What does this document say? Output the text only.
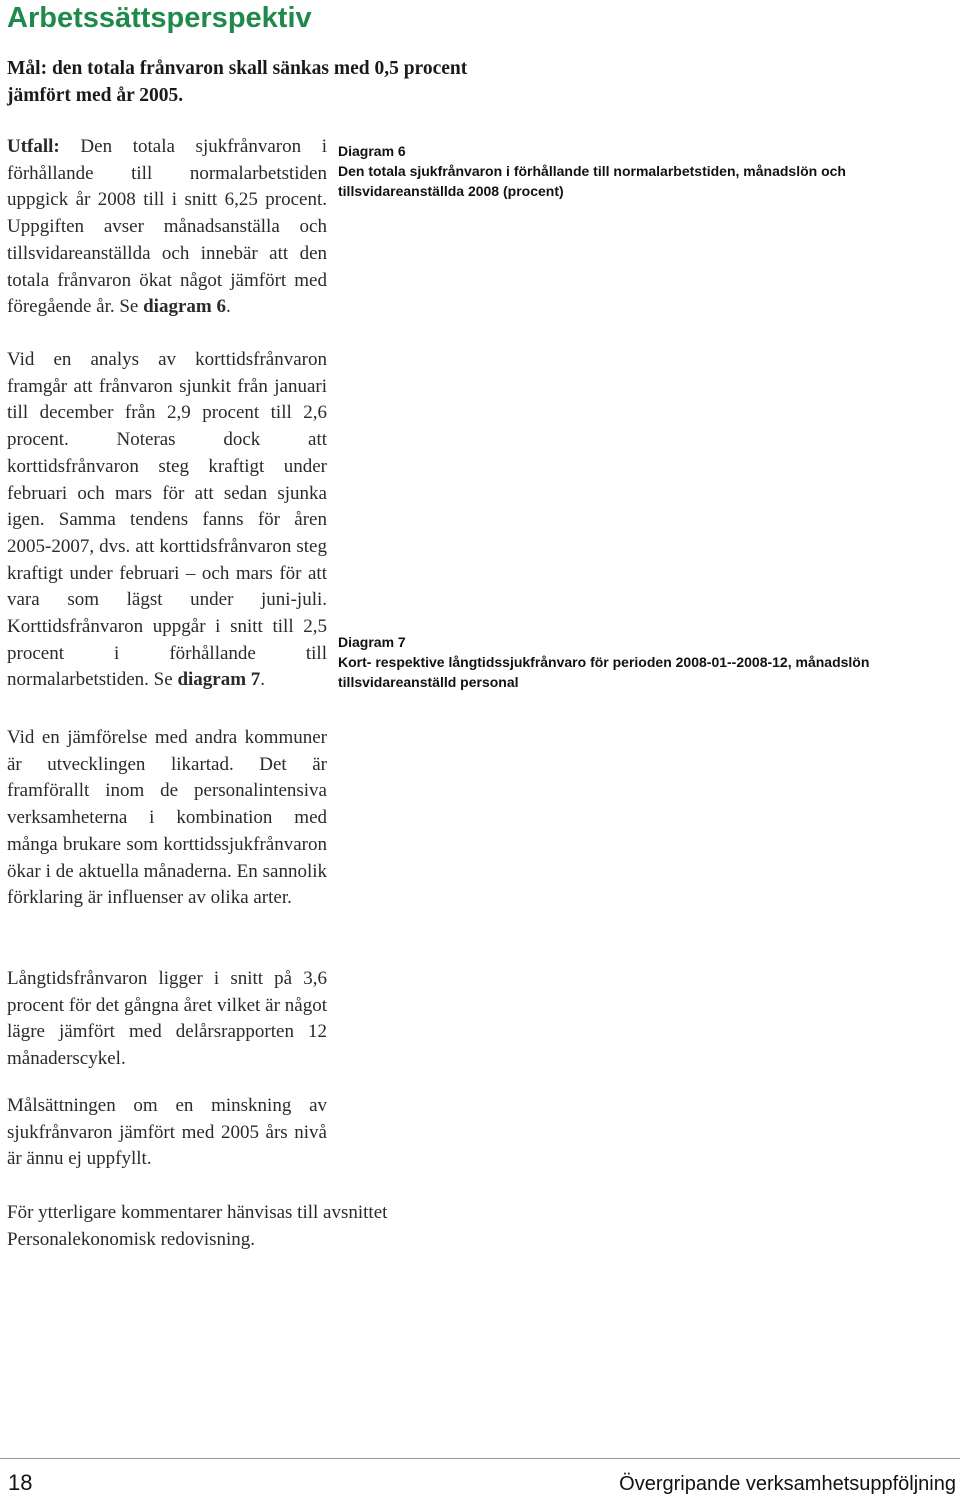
Arbetssättsperspektiv

Mål: den totala frånvaron skall sänkas med 0,5 procent jämfört med år 2005.

Utfall: Den totala sjukfrånvaron i förhållande till normalarbetstiden uppgick år 2008 till i snitt 6,25 procent. Uppgiften avser månadsanställa och tillsvidareanställda och innebär att den totala frånvaron ökat något jämfört med föregående år. Se diagram 6.

Vid en analys av korttidsfrånvaron framgår att frånvaron sjunkit från januari till december från 2,9 procent till 2,6 procent. Noteras dock att korttidsfrånvaron steg kraftigt under februari och mars för att sedan sjunka igen. Samma tendens fanns för åren 2005-2007, dvs. att korttidsfrånvaron steg kraftigt under februari – och mars för att vara som lägst under juni-juli. Korttidsfrånvaron uppgår i snitt till 2,5 procent i förhållande till normalarbetstiden. Se diagram 7.

Vid en jämförelse med andra kommuner är utvecklingen likartad. Det är framförallt inom de personalintensiva verksamheterna i kombination med många brukare som korttidssjukfrånvaron ökar i de aktuella månaderna. En sannolik förklaring är influenser av olika arter.

Långtidsfrånvaron ligger i snitt på 3,6 procent för det gångna året vilket är något lägre jämfört med delårsrapporten 12 månaderscykel.

Målsättningen om en minskning av sjukfrånvaron jämfört med 2005 års nivå är ännu ej uppfyllt.

För ytterligare kommentarer hänvisas till avsnittet Personalekonomisk redovisning.

Diagram 6
Den totala sjukfrånvaron i förhållande till normalarbetstiden, månadslön och tillsvidareanställda 2008 (procent)
Diagram 7
Kort- respektive långtidssjukfrånvaro för perioden 2008-01--2008-12, månadslön tillsvidareanställd personal
18	Övergripande verksamhetsuppföljning
